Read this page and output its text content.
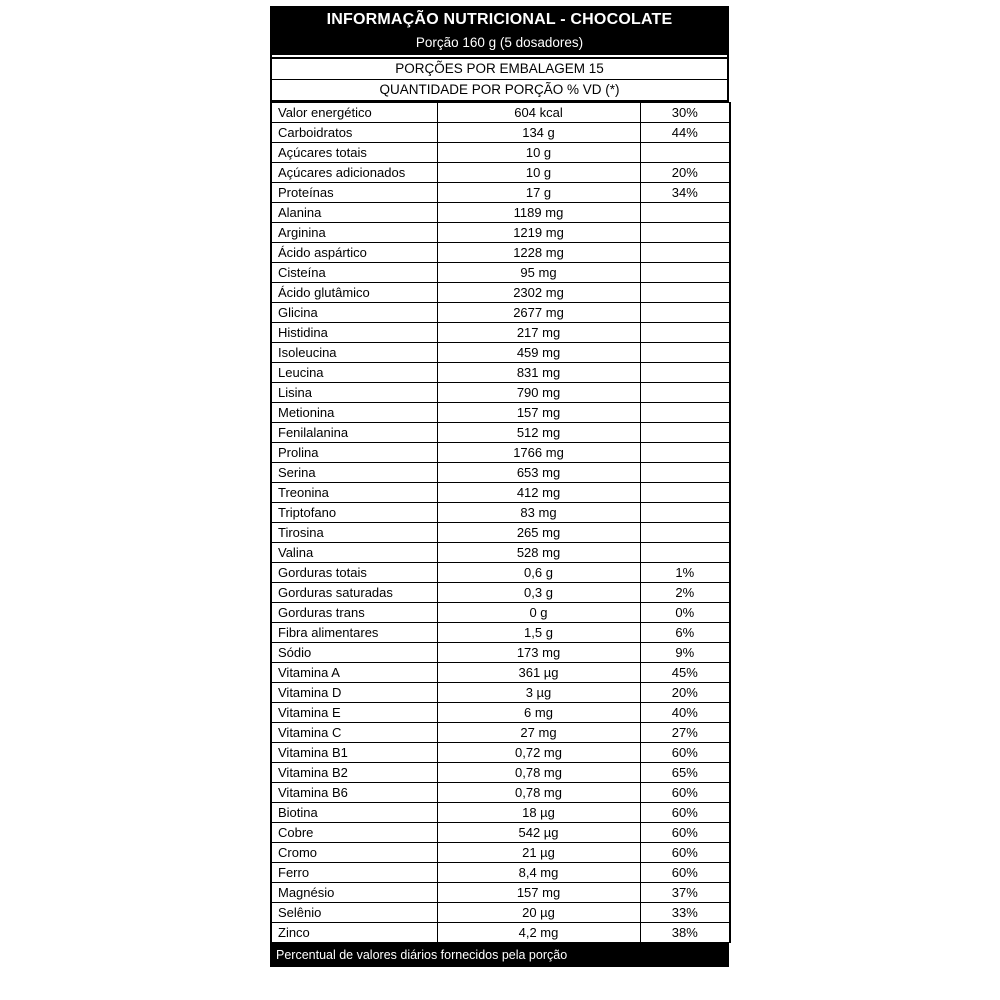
INFORMAÇÃO NUTRICIONAL - CHOCOLATE
Porção 160 g (5 dosadores)
PORÇÕES POR EMBALAGEM 15
QUANTIDADE POR PORÇÃO % VD (*)
Valor energético	604 kcal	30%
Carboidratos	134 g	44%
Açúcares totais	10 g	
Açúcares adicionados	10 g	20%
Proteínas	17 g	34%
Alanina	1189 mg	
Arginina	1219 mg	
Ácido aspártico	1228 mg	
Cisteína	95 mg	
Ácido glutâmico	2302 mg	
Glicina	2677 mg	
Histidina	217 mg	
Isoleucina	459 mg	
Leucina	831 mg	
Lisina	790 mg	
Metionina	157 mg	
Fenilalanina	512 mg	
Prolina	1766 mg	
Serina	653 mg	
Treonina	412 mg	
Triptofano	83 mg	
Tirosina	265 mg	
Valina	528 mg	
Gorduras totais	0,6 g	1%
Gorduras saturadas	0,3 g	2%
Gorduras trans	0 g	0%
Fibra alimentares	1,5 g	6%
Sódio	173 mg	9%
Vitamina A	361 µg	45%
Vitamina D	3 µg	20%
Vitamina E	6 mg	40%
Vitamina C	27 mg	27%
Vitamina B1	0,72 mg	60%
Vitamina B2	0,78 mg	65%
Vitamina B6	0,78 mg	60%
Biotina	18 µg	60%
Cobre	542 µg	60%
Cromo	21 µg	60%
Ferro	8,4 mg	60%
Magnésio	157 mg	37%
Selênio	20 µg	33%
Zinco	4,2 mg	38%
Percentual de valores diários fornecidos pela porção
